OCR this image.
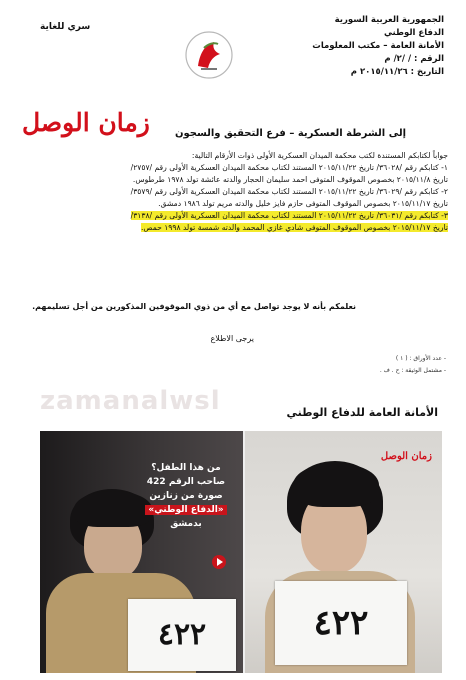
الجمهورية العربية السورية
الدفاع الوطني
الأمانة العامة – مكتب المعلومات
الرقم : / /٢/ م
التاريخ : ٢٠١٥/١١/٢٦ م
سري للغاية
زمان الوصل	إلى الشرطة العسكرية – فرع التحقيق والسجون

جواباً لكتابكم المستندة لكتب محكمة الميدان العسكرية الأولى ذوات الأرقام التالية:

١- كتابكم رقم /٣٦٠٢٨/ تاريخ ٢٠١٥/١١/٢٢ المستند لكتاب محكمة الميدان العسكرية الأولى رقم /٢٧٥٧/

تاريخ ٢٠١٥/١١/٨ بخصوص الموقوف المتوفى احمد سليمان الحجار والدته عائشة تولد ١٩٧٨ طرطوس.

٢- كتابكم رقم /٣٦٠٢٩/ تاريخ ٢٠١٥/١١/٢٢ المستند لكتاب محكمة الميدان العسكرية الأولى رقم /٣٥٧٩/

تاريخ ٢٠١٥/١١/١٧ بخصوص الموقوف المتوفى حازم فايز خليل والدته مريم تولد ١٩٨٦ دمشق.

٣- كتابكم رقم /٣٦٠٣١/ تاريخ ٢٠١٥/١١/٢٢ المستند لكتاب محكمة الميدان العسكرية الأولى رقم /٣١٣٨/

تاريخ ٢٠١٥/١١/١٧ بخصوص الموقوف المتوفى شادي غازي المحمد والدته شمسة تولد ١٩٩٨ حمص.

نعلمكم بأنه لا يوجد تواصل مع أي من ذوي الموقوفين المذكورين من أجل تسليمهم.
يرجى الاطلاع
- عدد الأوراق : ( ١ )
- مشتمل الوثيقة : ح . ف .
zamanalwsl	الأمانة العامة للدفاع الوطني
٤٢٢
من هذا الطفل؟
صاحب الرقم 422
صورة من زنازين
«الدفاع الوطني»
بدمشق
زمان الوصل
٤٢٢
